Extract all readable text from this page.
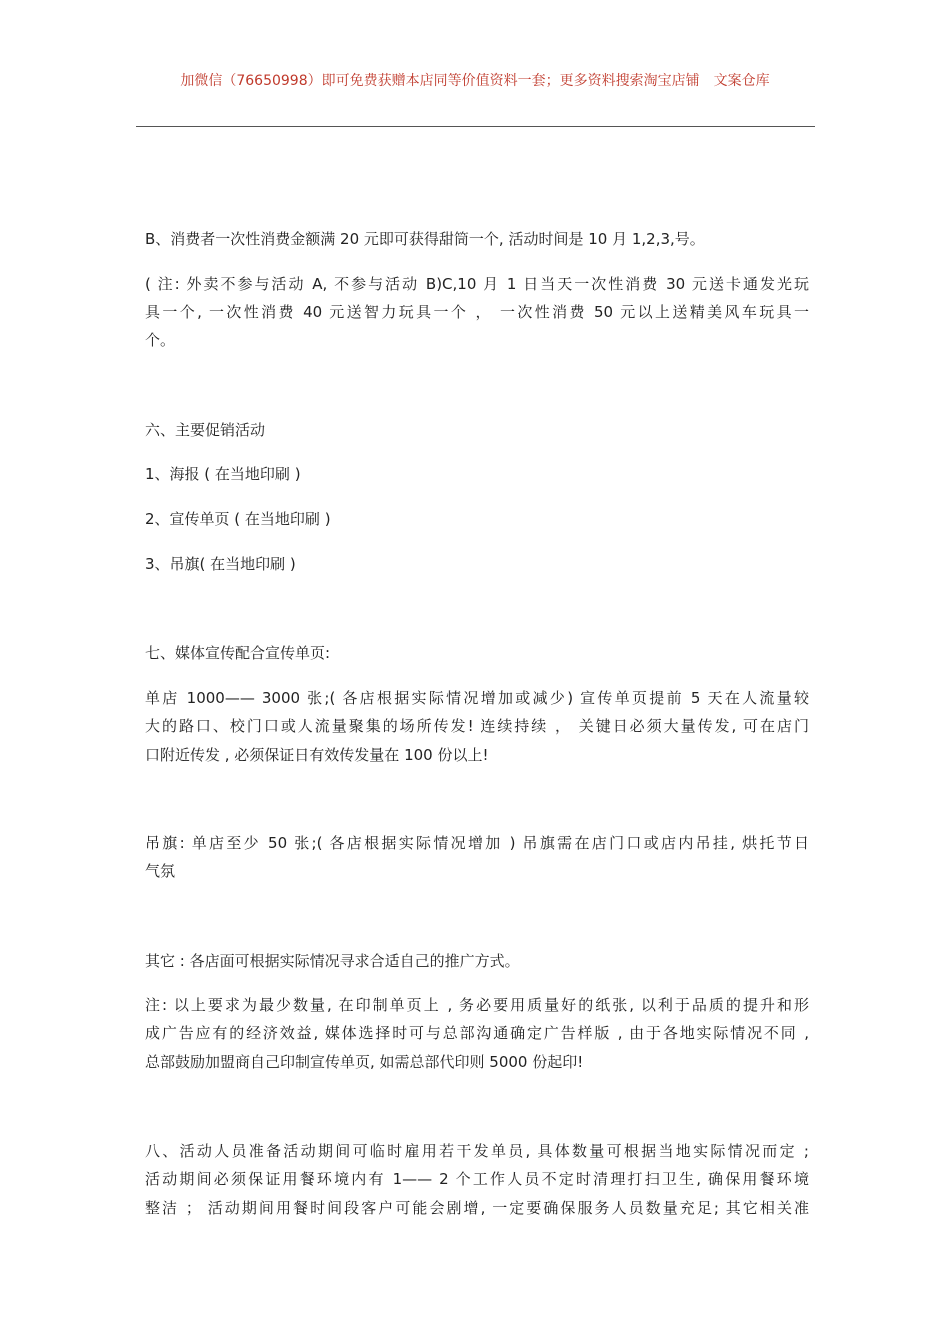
加微信（76650998）即可免费获赠本店同等价值资料一套；更多资料搜索淘宝店铺　文案仓库
B、消费者一次性消费金额满 20 元即可获得甜筒一个, 活动时间是 10 月 1,2,3,号。
( 注: 外卖不参与活动 A, 不参与活动 B)C,10 月 1 日当天一次性消费 30 元送卡通发光玩
具一个, 一次性消费 40 元送智力玩具一个 ， 一次性消费 50 元以上送精美风车玩具一
个。
六、主要促销活动
1、海报 ( 在当地印刷 )
2、宣传单页 ( 在当地印刷 )
3、吊旗( 在当地印刷 )
七、媒体宣传配合宣传单页:
单店 1000—— 3000 张;( 各店根据实际情况增加或减少) 宣传单页提前 5 天在人流量较
大的路口、校门口或人流量聚集的场所传发! 连续持续 ， 关键日必须大量传发, 可在店门
口附近传发 , 必须保证日有效传发量在 100 份以上!
吊旗: 单店至少 50 张;( 各店根据实际情况增加 ) 吊旗需在店门口或店内吊挂, 烘托节日
气氛
其它 : 各店面可根据实际情况寻求合适自己的推广方式。
注: 以上要求为最少数量, 在印制单页上 , 务必要用质量好的纸张, 以利于品质的提升和形
成广告应有的经济效益, 媒体选择时可与总部沟通确定广告样版 , 由于各地实际情况不同 ,
总部鼓励加盟商自己印制宣传单页, 如需总部代印则 5000 份起印!
八、活动人员准备活动期间可临时雇用若干发单员, 具体数量可根据当地实际情况而定 ;
活动期间必须保证用餐环境内有 1—— 2 个工作人员不定时清理打扫卫生, 确保用餐环境
整洁 ； 活动期间用餐时间段客户可能会剧增, 一定要确保服务人员数量充足; 其它相关准
